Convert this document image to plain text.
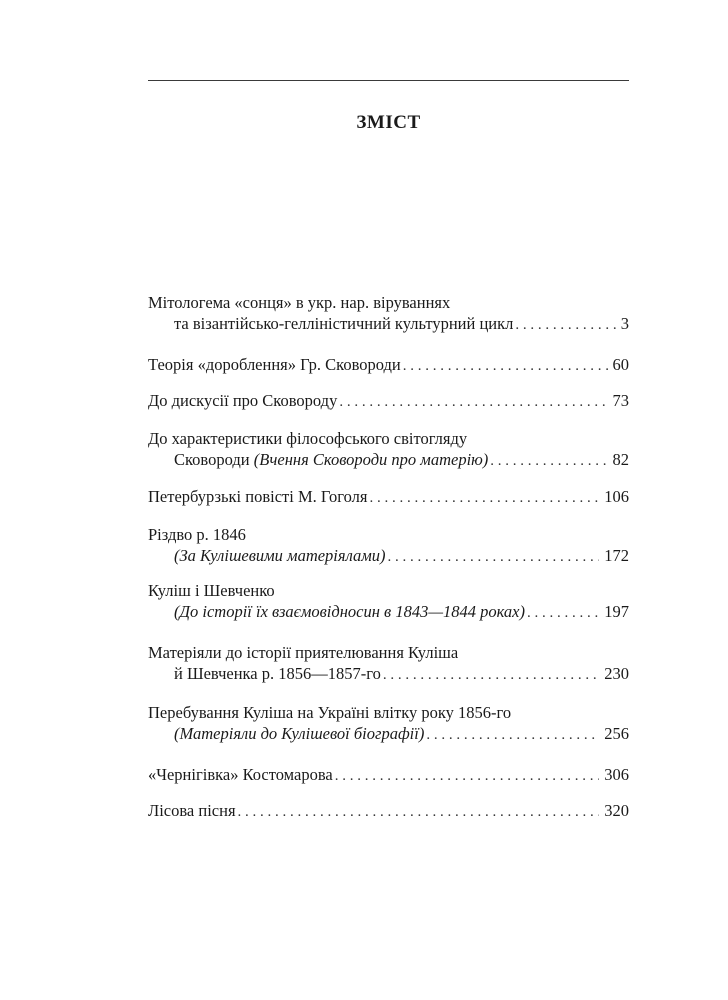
ЗМІСТ
Мітологема «сонця» в укр. нар. віруваннях
та візантійсько-гелліністичний культурний цикл . . .	3
Теорія «дороблення» Гр. Сковороди . . .	60
До дискусії про Сковороду . . .	73
До характеристики філософського світогляду
Сковороди (Вчення Сковороди про матерію) . . .	82
Петербурзькі повісті М. Гоголя . . .	106
Різдво р. 1846
(За Кулішевими матеріялами) . . .	172
Куліш і Шевченко
(До історії їх взаємовідносин в 1843—1844 роках) . . .	197
Матеріяли до історії приятелювання Куліша
й Шевченка р. 1856—1857-го . . .	230
Перебування Куліша на Україні влітку року 1856-го
(Матеріяли до Кулішевої біографії) . . .	256
«Чернігівка» Костомарова . . .	306
Лісова пісня . . .	320
